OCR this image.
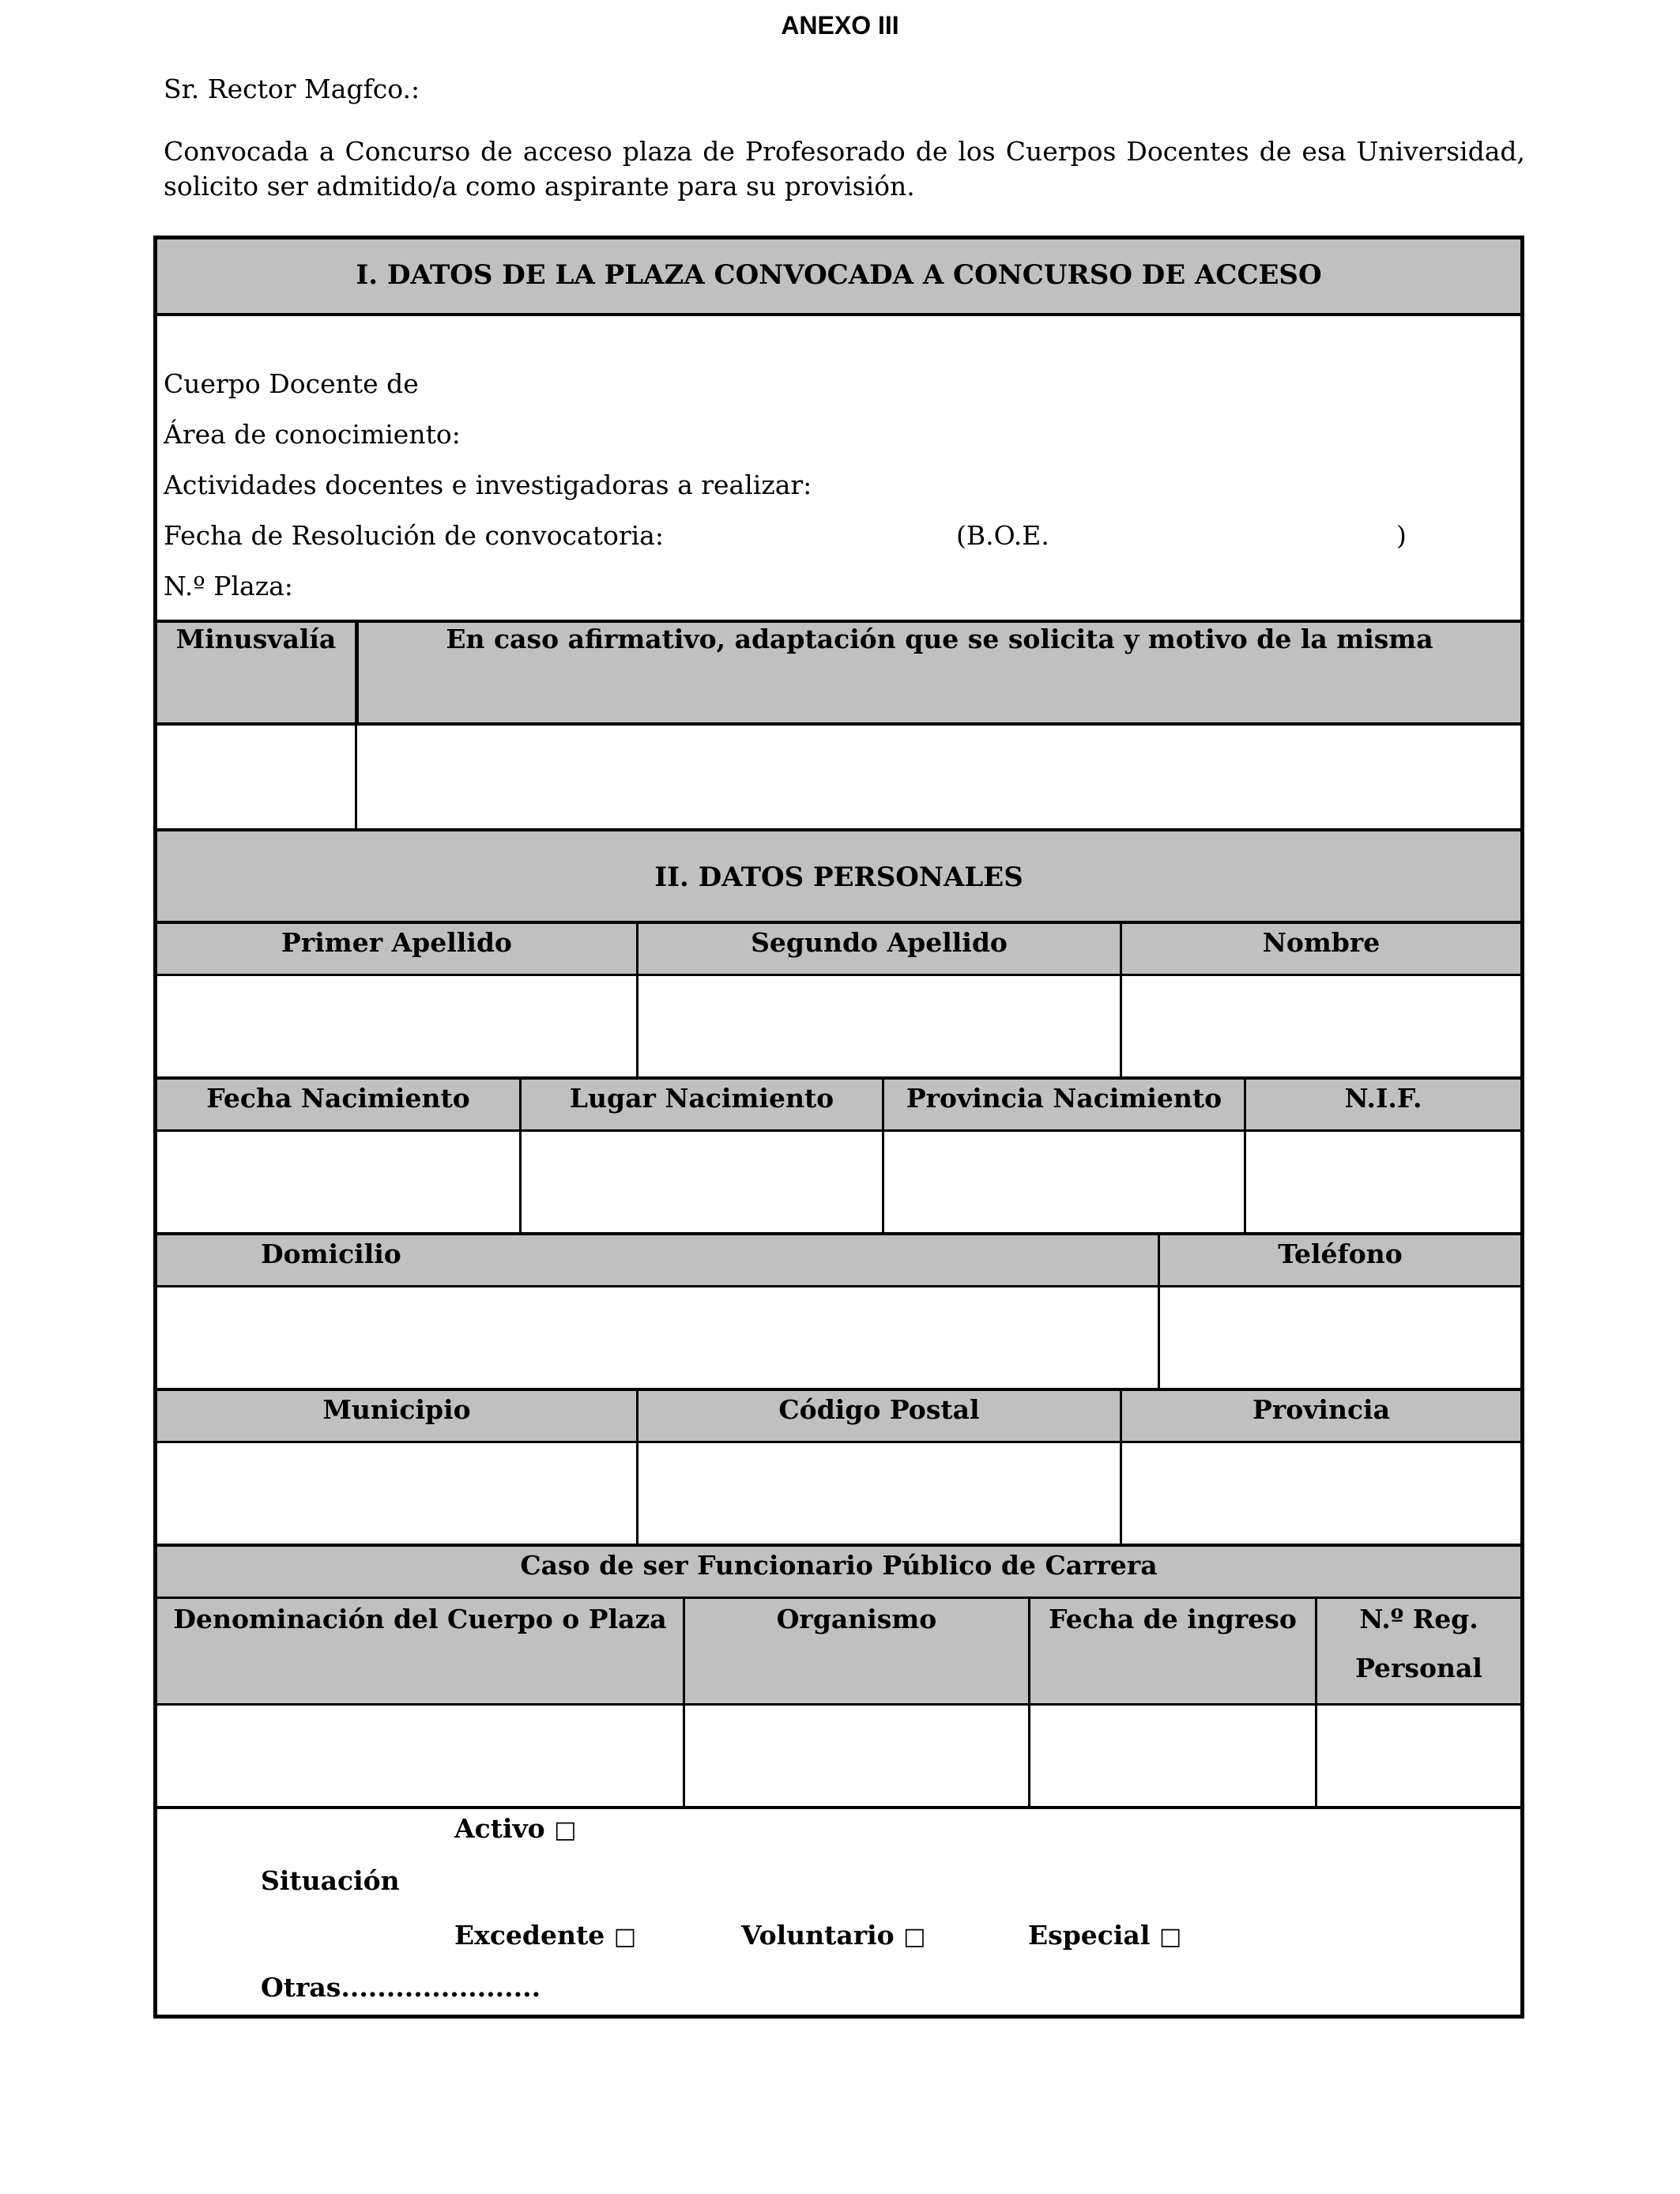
ANEXO III
Sr. Rector Magfco.:
Convocada a Concurso de acceso plaza de Profesorado de los Cuerpos Docentes de esa Universidad, solicito ser admitido/a como aspirante para su provisión.
I. DATOS DE LA PLAZA CONVOCADA A CONCURSO DE ACCESO
Cuerpo Docente de
Área de conocimiento:
Actividades docentes e investigadoras a realizar:
Fecha de Resolución de convocatoria:	(B.O.E.	)
N.º Plaza:
Minusvalía	En caso afirmativo, adaptación que se solicita y motivo de la misma
II. DATOS PERSONALES
Primer Apellido	Segundo Apellido	Nombre
Fecha Nacimiento	Lugar Nacimiento	Provincia Nacimiento	N.I.F.
Domicilio	Teléfono
Municipio	Código Postal	Provincia
Caso de ser Funcionario Público de Carrera
Denominación del Cuerpo o Plaza	Organismo	Fecha de ingreso	N.º Reg.
Personal
Activo □
Situación
Excedente □	Voluntario □	Especial □
Otras......................
